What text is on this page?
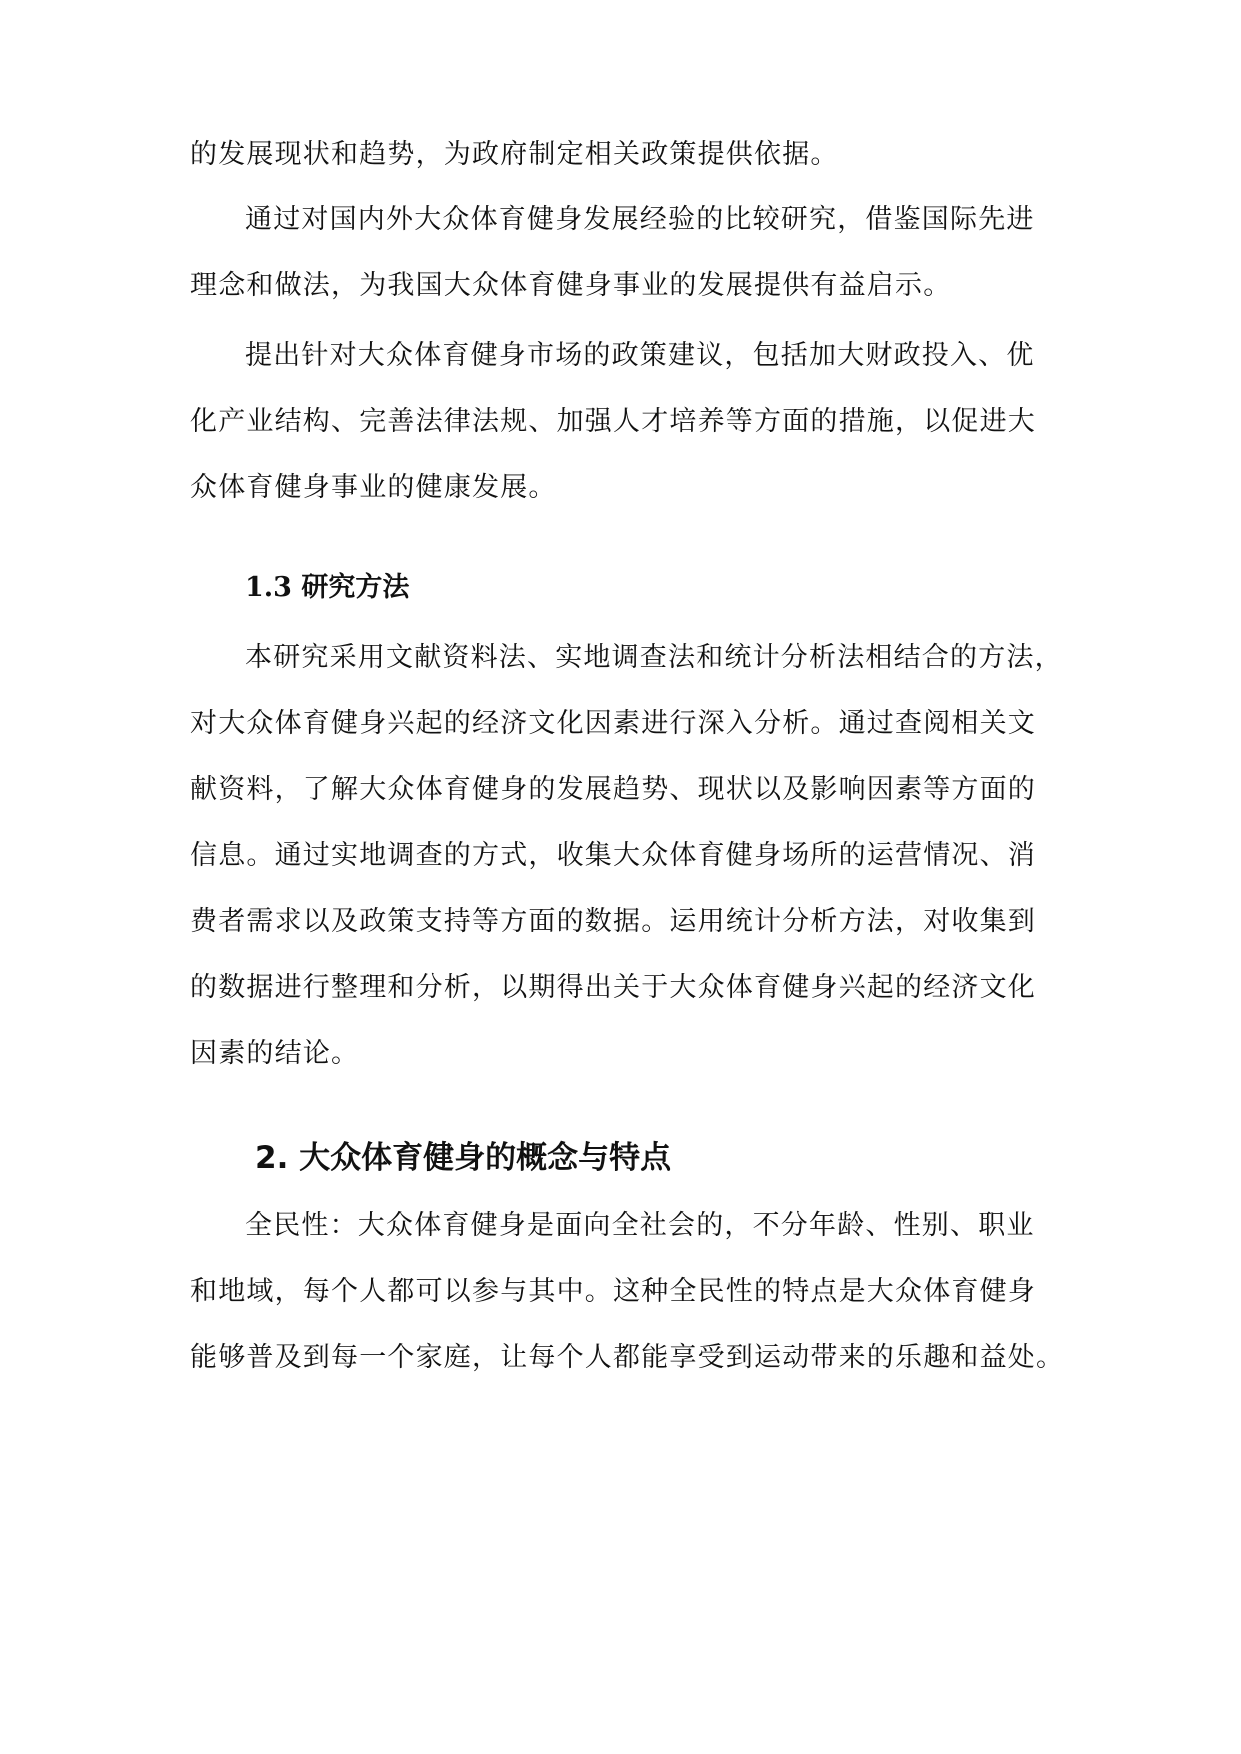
的发展现状和趋势，为政府制定相关政策提供依据。
通过对国内外大众体育健身发展经验的比较研究，借鉴国际先进
理念和做法，为我国大众体育健身事业的发展提供有益启示。
提出针对大众体育健身市场的政策建议，包括加大财政投入、优
化产业结构、完善法律法规、加强人才培养等方面的措施，以促进大
众体育健身事业的健康发展。
1.3 研究方法
本研究采用文献资料法、实地调查法和统计分析法相结合的方法，
对大众体育健身兴起的经济文化因素进行深入分析。通过查阅相关文
献资料，了解大众体育健身的发展趋势、现状以及影响因素等方面的
信息。通过实地调查的方式，收集大众体育健身场所的运营情况、消
费者需求以及政策支持等方面的数据。运用统计分析方法，对收集到
的数据进行整理和分析，以期得出关于大众体育健身兴起的经济文化
因素的结论。
2. 大众体育健身的概念与特点
全民性：大众体育健身是面向全社会的，不分年龄、性别、职业
和地域，每个人都可以参与其中。这种全民性的特点是大众体育健身
能够普及到每一个家庭，让每个人都能享受到运动带来的乐趣和益处。
